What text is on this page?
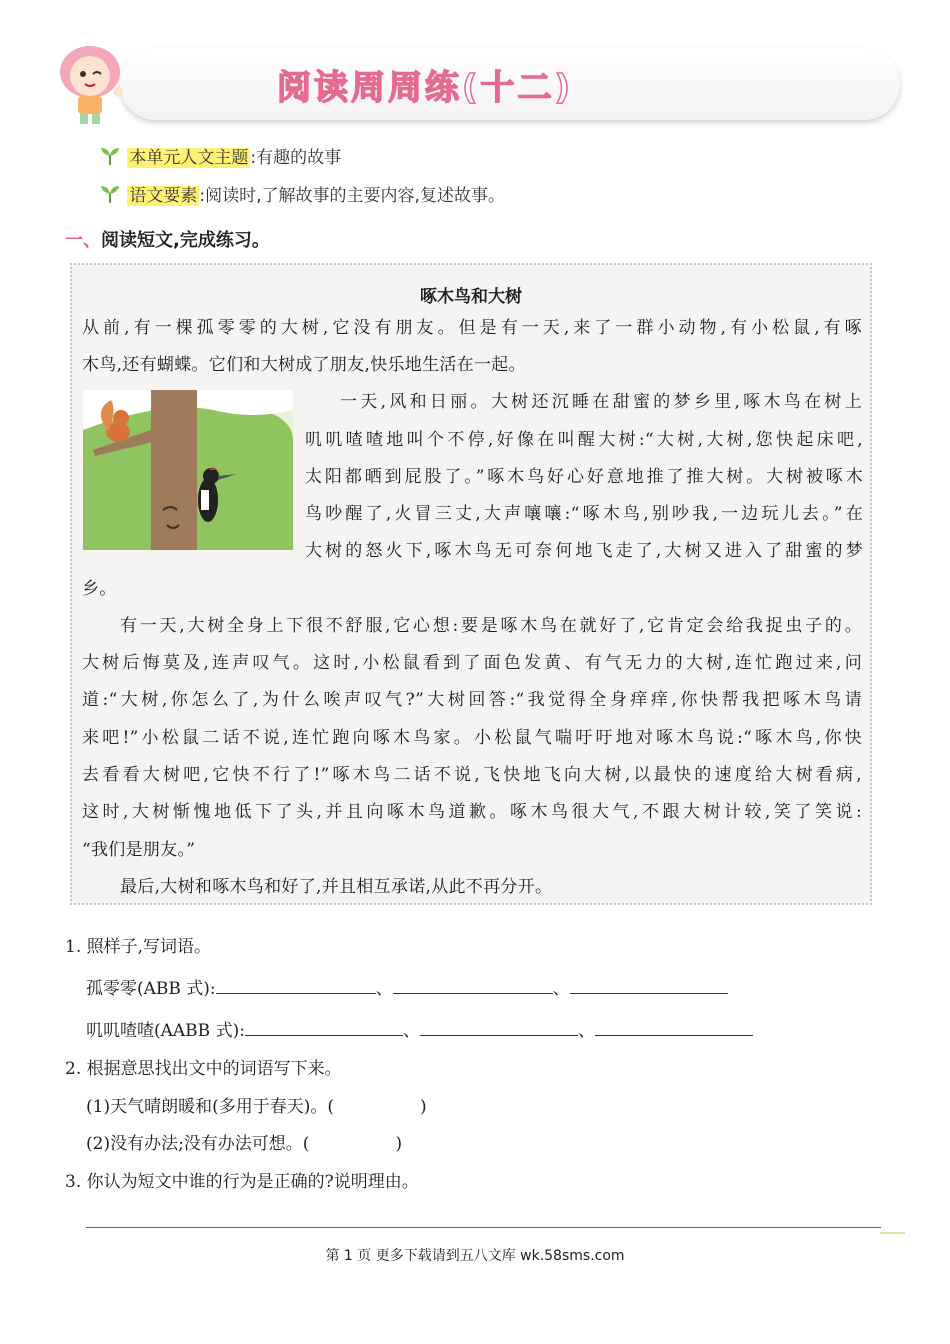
阅读周周练(十二)
本单元人文主题 :有趣的故事
语文要素 :阅读时,了解故事的主要内容,复述故事。
一、阅读短文,完成练习。
啄木鸟和大树
从前,有一棵孤零零的大树,它没有朋友。但是有一天,来了一群小动物,有小松鼠,有啄
木鸟,还有蝴蝶。它们和大树成了朋友,快乐地生活在一起。
一天,风和日丽。大树还沉睡在甜蜜的梦乡里,啄木鸟在树上
叽叽喳喳地叫个不停,好像在叫醒大树:“大树,大树,您快起床吧,
太阳都晒到屁股了。”啄木鸟好心好意地推了推大树。大树被啄木
鸟吵醒了,火冒三丈,大声嚷嚷:“啄木鸟,别吵我,一边玩儿去。”在
大树的怒火下,啄木鸟无可奈何地飞走了,大树又进入了甜蜜的梦
乡。
有一天,大树全身上下很不舒服,它心想:要是啄木鸟在就好了,它肯定会给我捉虫子的。
大树后悔莫及,连声叹气。这时,小松鼠看到了面色发黄、有气无力的大树,连忙跑过来,问
道:“大树,你怎么了,为什么唉声叹气?”大树回答:“我觉得全身痒痒,你快帮我把啄木鸟请
来吧!”小松鼠二话不说,连忙跑向啄木鸟家。小松鼠气喘吁吁地对啄木鸟说:“啄木鸟,你快
去看看大树吧,它快不行了!”啄木鸟二话不说,飞快地飞向大树,以最快的速度给大树看病,
这时,大树惭愧地低下了头,并且向啄木鸟道歉。啄木鸟很大气,不跟大树计较,笑了笑说:
“我们是朋友。”
最后,大树和啄木鸟和好了,并且相互承诺,从此不再分开。
1. 照样子,写词语。
孤零零(ABB 式):	、	、
叽叽喳喳(AABB 式):	、	、
2. 根据意思找出文中的词语写下来。
(1)天气晴朗暖和(多用于春天)。(	)
(2)没有办法;没有办法可想。(	)
3. 你认为短文中谁的行为是正确的?说明理由。
第 1 页 更多下载请到五八文库 wk.58sms.com
